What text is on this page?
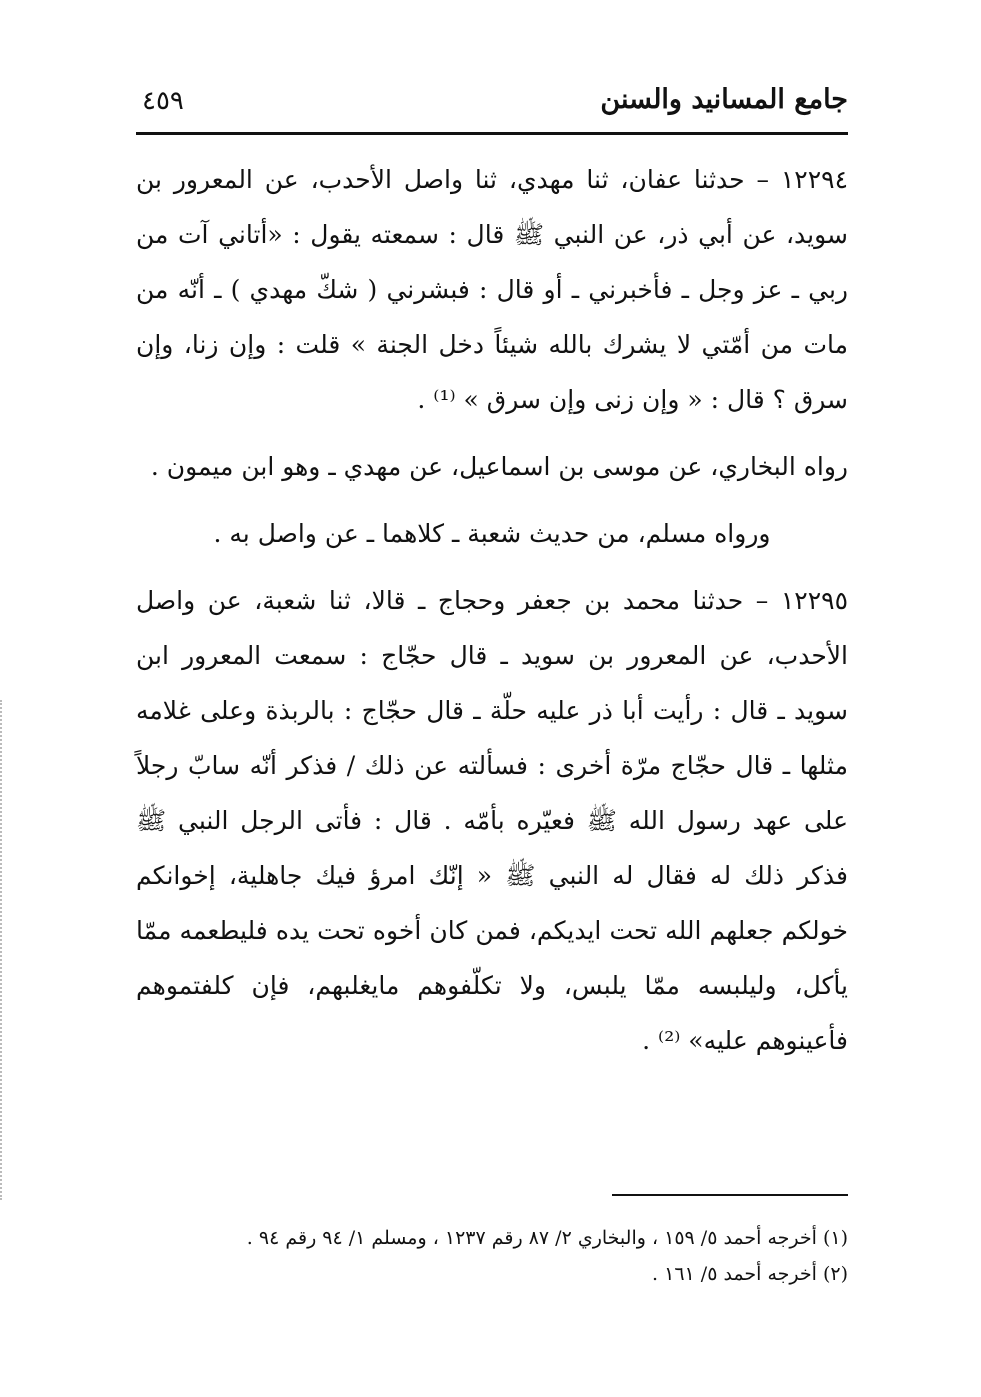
جامع المسانيد والسنن
٤٥٩

١٢٢٩٤ – حدثنا عفان، ثنا مهدي، ثنا واصل الأحدب، عن المعرور بن سويد، عن أبي ذر، عن النبي ﷺ قال : سمعته يقول : «أتاني آت من ربي ـ عز وجل ـ فأخبرني ـ أو قال : فبشرني ( شكّ مهدي ) ـ أنّه من مات من أمّتي لا يشرك بالله شيئاً دخل الجنة » قلت : وإن زنا، وإن سرق ؟ قال : « وإن زنى وإن سرق » ⁽¹⁾ .

رواه البخاري، عن موسى بن اسماعيل، عن مهدي ـ وهو ابن ميمون .

ورواه مسلم، من حديث شعبة ـ كلاهما ـ عن واصل به .

١٢٢٩٥ – حدثنا محمد بن جعفر وحجاج ـ قالا، ثنا شعبة، عن واصل الأحدب، عن المعرور بن سويد ـ قال حجّاج : سمعت المعرور ابن سويد ـ قال : رأيت أبا ذر عليه حلّة ـ قال حجّاج : بالربذة وعلى غلامه مثلها ـ قال حجّاج مرّة أخرى : فسألته عن ذلك / فذكر أنّه سابّ رجلاً على عهد رسول الله ﷺ فعيّره بأمّه . قال : فأتى الرجل النبي ﷺ فذكر ذلك له فقال له النبي ﷺ « إنّك امرؤ فيك جاهلية، إخوانكم خولكم جعلهم الله تحت ايديكم، فمن كان أخوه تحت يده فليطعمه ممّا يأكل، وليلبسه ممّا يلبس، ولا تكلّفوهم مايغلبهم، فإن كلفتموهم فأعينوهم عليه» ⁽²⁾ .

(١) أخرجه أحمد ٥/ ١٥٩ ، والبخاري ٢/ ٨٧ رقم ١٢٣٧ ، ومسلم ١/ ٩٤ رقم ٩٤ .

(٢) أخرجه أحمد ٥/ ١٦١ .
